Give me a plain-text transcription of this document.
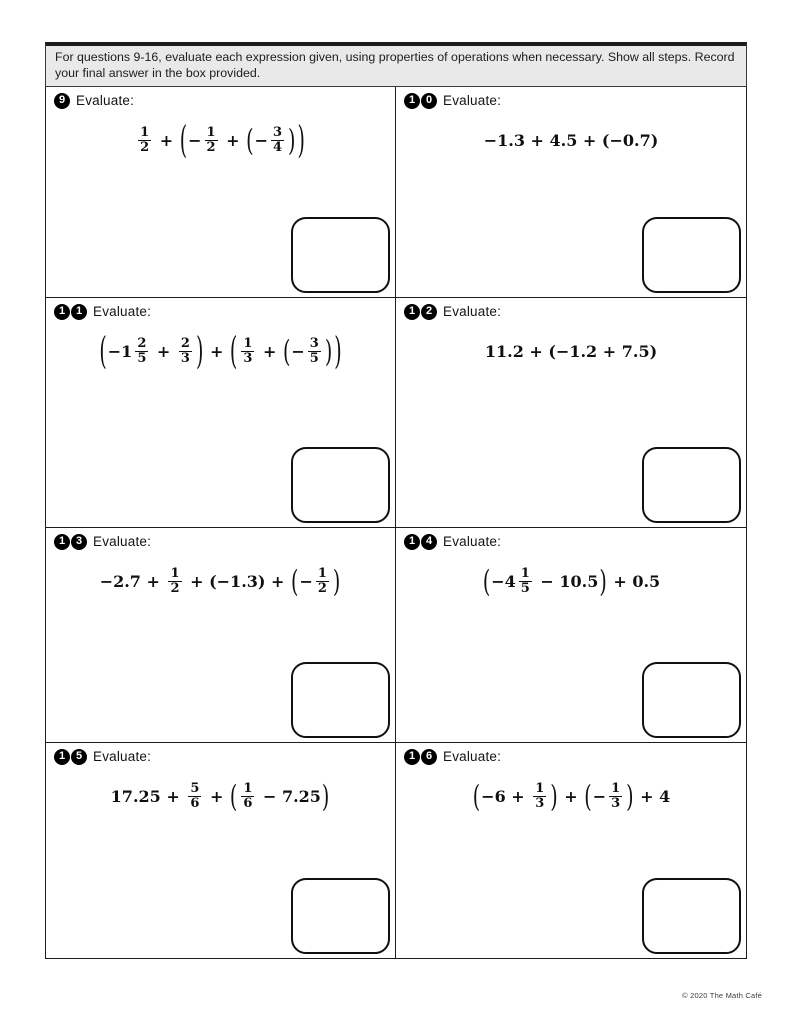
For questions 9-16, evaluate each expression given, using properties of operations when necessary. Show all steps. Record your final answer in the box provided.
9 Evaluate:
$\frac{1}{2}$ + ( − $\frac{1}{2}$ + ( − $\frac{3}{4}$ ) )
1 0 Evaluate:
−1.3 + 4.5 + (−0.7)
1 1 Evaluate:
( $-1 \frac{2}{5} + \frac{2}{3}$ ) + ( $\frac{1}{3}$ + ( − $\frac{3}{5}$ ) )
1 2 Evaluate:
11.2 + (−1.2 + 7.5)
1 3 Evaluate:
$-2.7 + \frac{1}{2} + (-1.3)$ + ( − $\frac{1}{2}$ )
1 4 Evaluate:
( $-4 \frac{1}{5} - 10.5$ ) + 0.5
1 5 Evaluate:
$17.25 + \frac{5}{6}$ + ( $\frac{1}{6} - 7.25$ )
1 6 Evaluate:
( $-6 + \frac{1}{3}$ ) + ( − $\frac{1}{3}$ ) + 4
© 2020 The Math Café
